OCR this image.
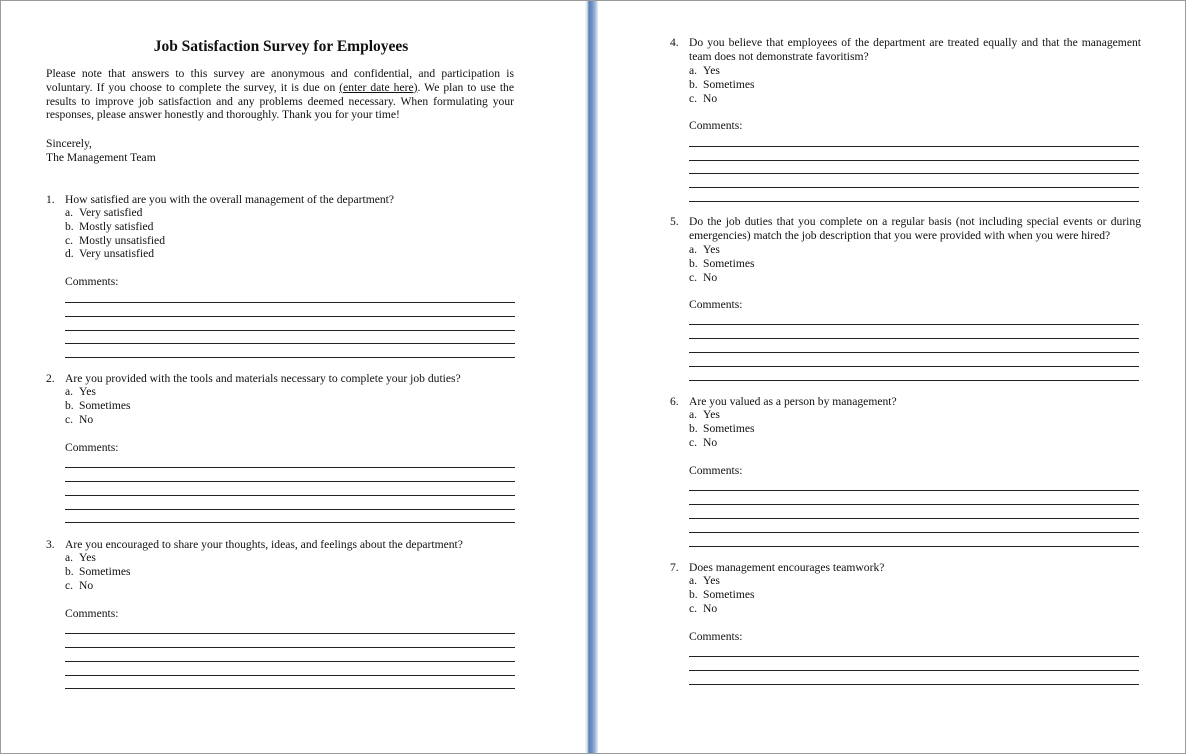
Job Satisfaction Survey for Employees
Please note that answers to this survey are anonymous and confidential, and participation is voluntary. If you choose to complete the survey, it is due on (enter date here). We plan to use the results to improve job satisfaction and any problems deemed necessary. When formulating your responses, please answer honestly and thoroughly. Thank you for your time!
Sincerely,
The Management Team
1. How satisfied are you with the overall management of the department?
a. Very satisfied
b. Mostly satisfied
c. Mostly unsatisfied
d. Very unsatisfied
Comments:
2. Are you provided with the tools and materials necessary to complete your job duties?
a. Yes
b. Sometimes
c. No
Comments:
3. Are you encouraged to share your thoughts, ideas, and feelings about the department?
a. Yes
b. Sometimes
c. No
Comments:
4. Do you believe that employees of the department are treated equally and that the management team does not demonstrate favoritism?
a. Yes
b. Sometimes
c. No
Comments:
5. Do the job duties that you complete on a regular basis (not including special events or during emergencies) match the job description that you were provided with when you were hired?
a. Yes
b. Sometimes
c. No
Comments:
6. Are you valued as a person by management?
a. Yes
b. Sometimes
c. No
Comments:
7. Does management encourages teamwork?
a. Yes
b. Sometimes
c. No
Comments:
